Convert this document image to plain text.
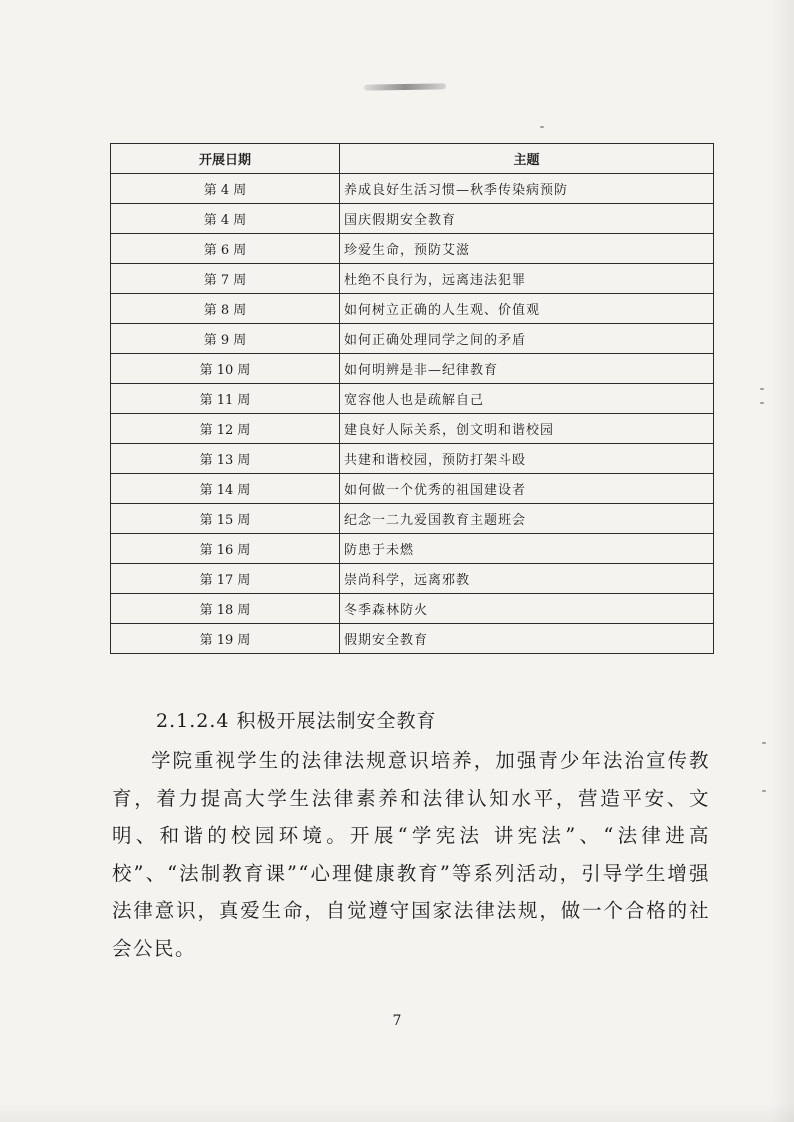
开展日期	主题
第 4 周	养成良好生活习惯—秋季传染病预防
第 4 周	国庆假期安全教育
第 6 周	珍爱生命，预防艾滋
第 7 周	杜绝不良行为，远离违法犯罪
第 8 周	如何树立正确的人生观、价值观
第 9 周	如何正确处理同学之间的矛盾
第 10 周	如何明辨是非—纪律教育
第 11 周	宽容他人也是疏解自己
第 12 周	建良好人际关系，创文明和谐校园
第 13 周	共建和谐校园，预防打架斗殴
第 14 周	如何做一个优秀的祖国建设者
第 15 周	纪念一二九爱国教育主题班会
第 16 周	防患于未燃
第 17 周	崇尚科学，远离邪教
第 18 周	冬季森林防火
第 19 周	假期安全教育
2.1.2.4 积极开展法制安全教育

学院重视学生的法律法规意识培养，加强青少年法治宣传教育，着力提高大学生法律素养和法律认知水平，营造平安、文明、和谐的校园环境。开展“学宪法 讲宪法”、“法律进高校”、“法制教育课”“心理健康教育”等系列活动，引导学生增强法律意识，真爱生命，自觉遵守国家法律法规，做一个合格的社会公民。

7
